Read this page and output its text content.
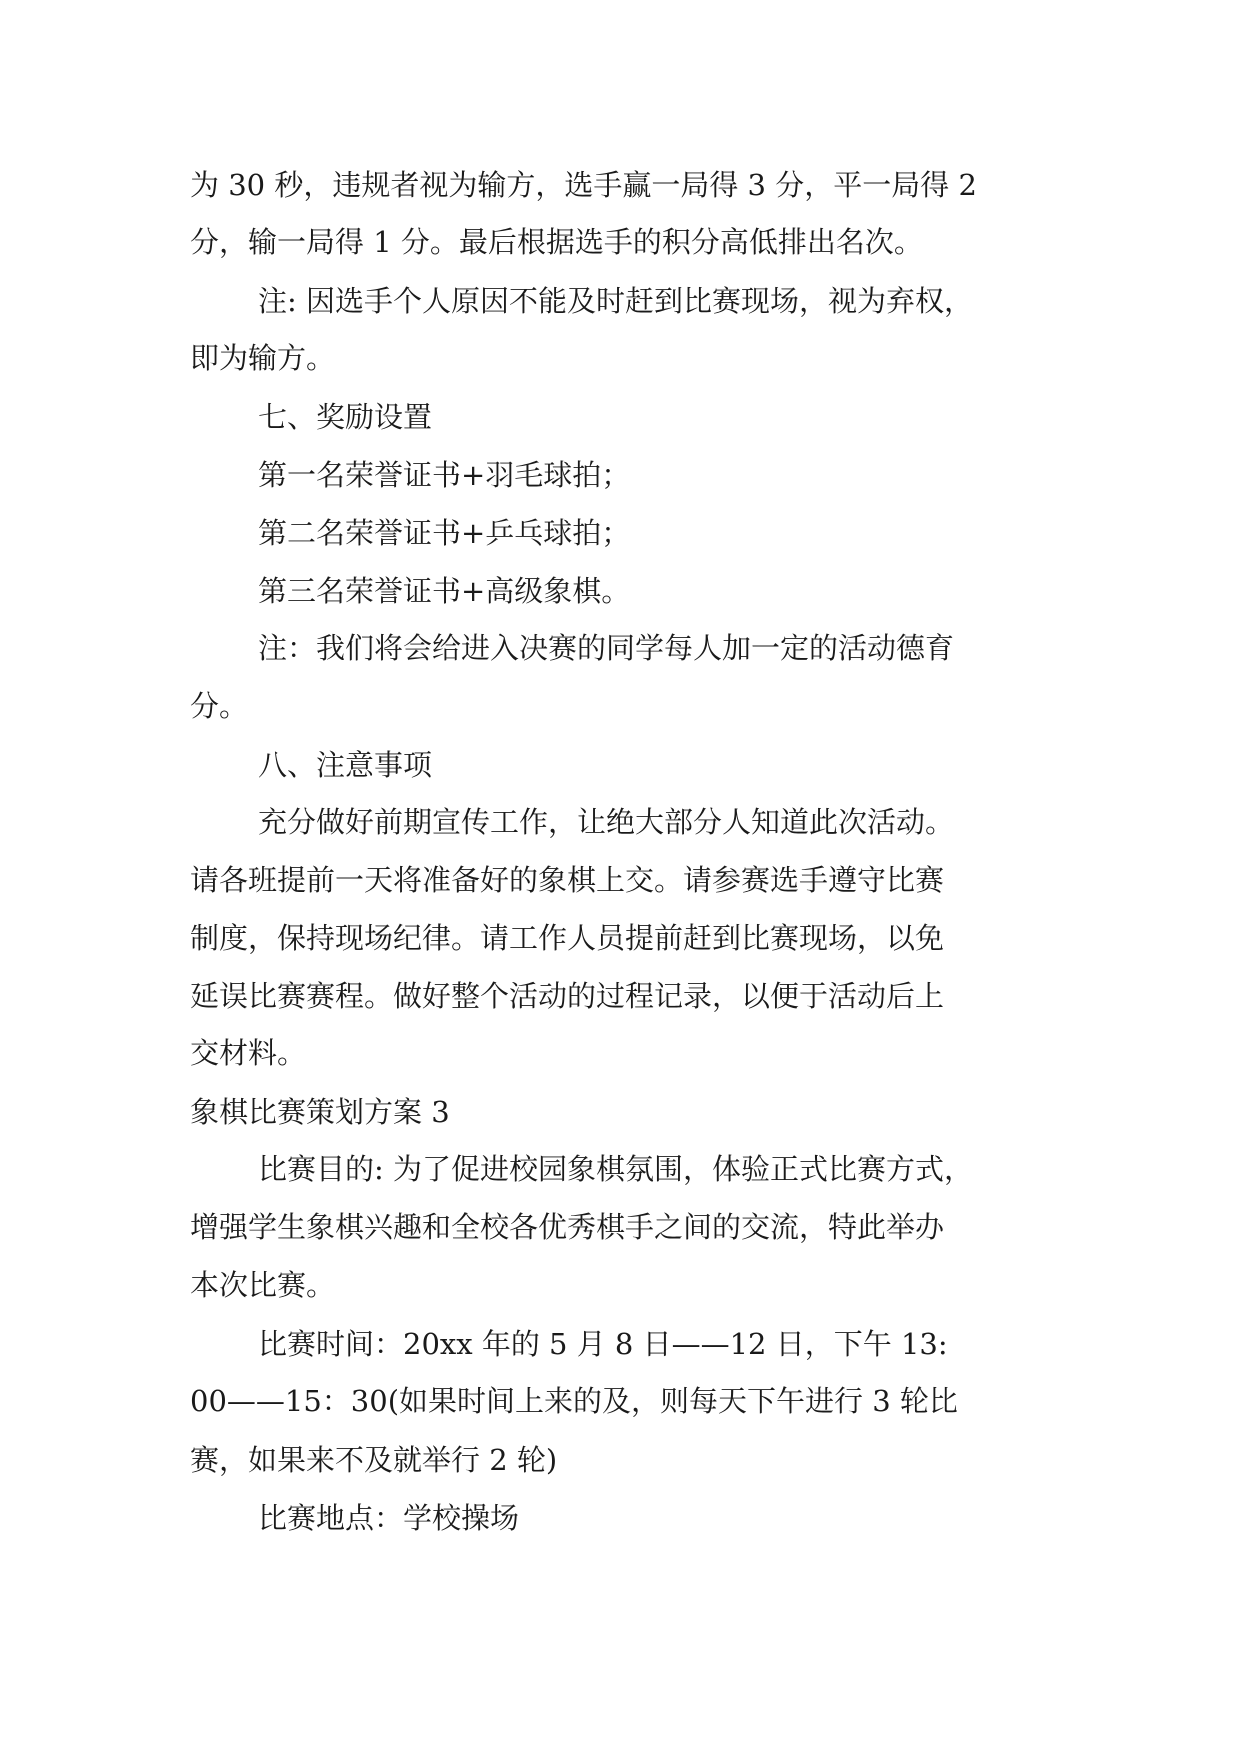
为 30 秒，违规者视为输方，选手赢一局得 3 分，平一局得 2
分，输一局得 1 分。最后根据选手的积分高低排出名次。
注: 因选手个人原因不能及时赶到比赛现场，视为弃权，
即为输方。
七、奖励设置
第一名荣誉证书+羽毛球拍；
第二名荣誉证书+乒乓球拍；
第三名荣誉证书+高级象棋。
注：我们将会给进入决赛的同学每人加一定的活动德育
分。
八、注意事项
充分做好前期宣传工作，让绝大部分人知道此次活动。
请各班提前一天将准备好的象棋上交。请参赛选手遵守比赛
制度，保持现场纪律。请工作人员提前赶到比赛现场，以免
延误比赛赛程。做好整个活动的过程记录，以便于活动后上
交材料。
象棋比赛策划方案 3
比赛目的: 为了促进校园象棋氛围，体验正式比赛方式，
增强学生象棋兴趣和全校各优秀棋手之间的交流，特此举办
本次比赛。
比赛时间：20xx 年的 5 月 8 日——12 日，下午 13:
00——15：30(如果时间上来的及，则每天下午进行 3 轮比
赛，如果来不及就举行 2 轮)
比赛地点：学校操场
